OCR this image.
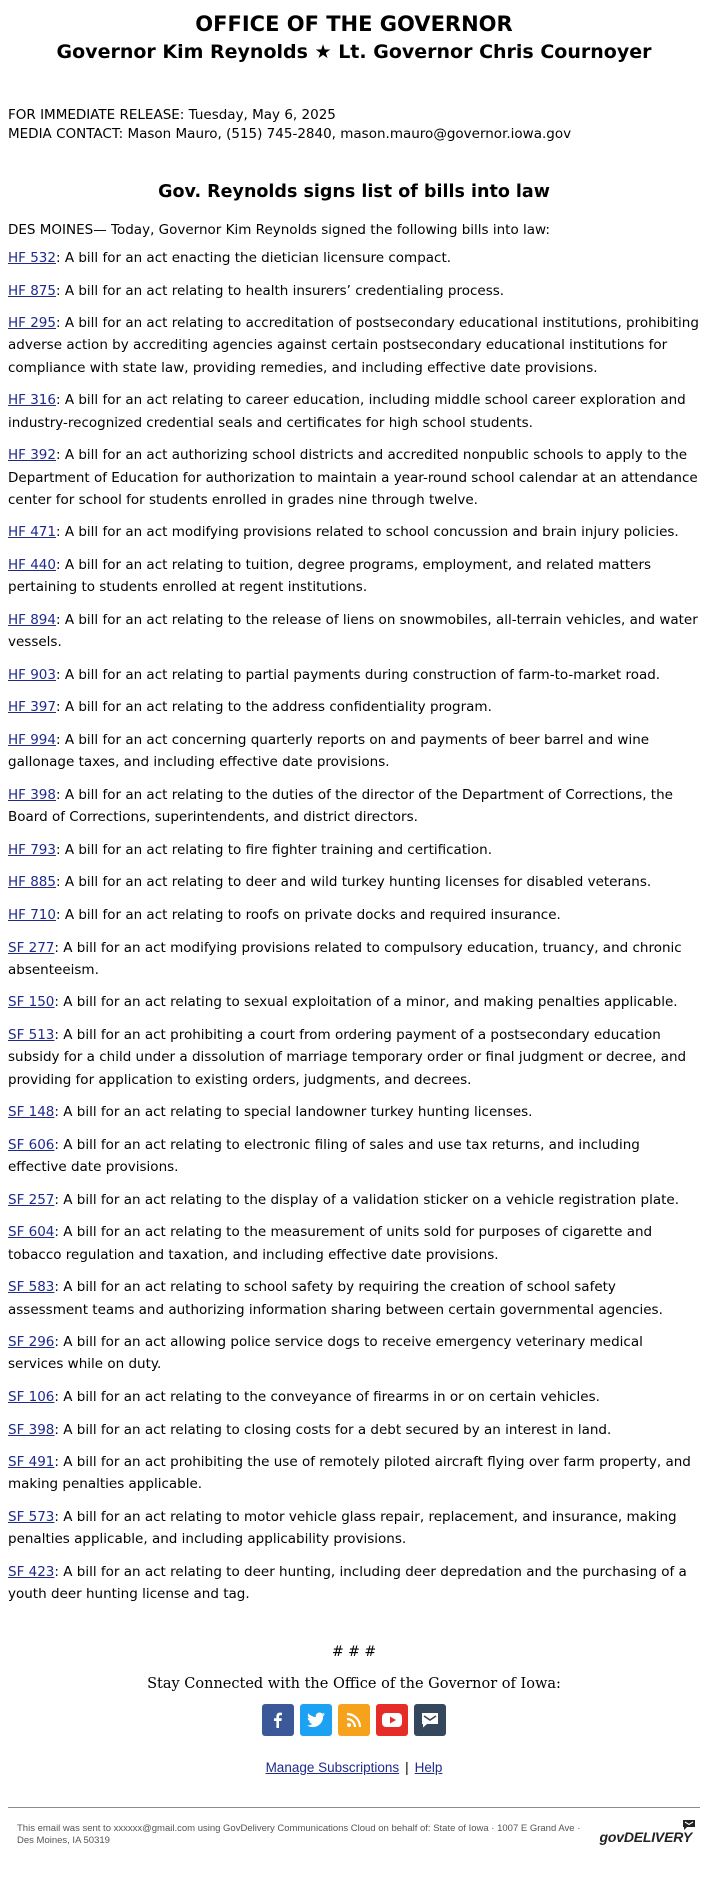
OFFICE OF THE GOVERNOR
Governor Kim Reynolds ★ Lt. Governor Chris Cournoyer
FOR IMMEDIATE RELEASE: Tuesday, May 6, 2025
MEDIA CONTACT: Mason Mauro, (515) 745-2840, mason.mauro@governor.iowa.gov
Gov. Reynolds signs list of bills into law
DES MOINES— Today, Governor Kim Reynolds signed the following bills into law:

HF 532: A bill for an act enacting the dietician licensure compact.

HF 875: A bill for an act relating to health insurers’ credentialing process.

HF 295: A bill for an act relating to accreditation of postsecondary educational institutions, prohibiting adverse action by accrediting agencies against certain postsecondary educational institutions for compliance with state law, providing remedies, and including effective date provisions.

HF 316: A bill for an act relating to career education, including middle school career exploration and industry-recognized credential seals and certificates for high school students.

HF 392: A bill for an act authorizing school districts and accredited nonpublic schools to apply to the Department of Education for authorization to maintain a year-round school calendar at an attendance center for school for students enrolled in grades nine through twelve.

HF 471: A bill for an act modifying provisions related to school concussion and brain injury policies.

HF 440: A bill for an act relating to tuition, degree programs, employment, and related matters pertaining to students enrolled at regent institutions.

HF 894: A bill for an act relating to the release of liens on snowmobiles, all-terrain vehicles, and water vessels.

HF 903: A bill for an act relating to partial payments during construction of farm-to-market road.

HF 397: A bill for an act relating to the address confidentiality program.

HF 994: A bill for an act concerning quarterly reports on and payments of beer barrel and wine gallonage taxes, and including effective date provisions.

HF 398: A bill for an act relating to the duties of the director of the Department of Corrections, the Board of Corrections, superintendents, and district directors.

HF 793: A bill for an act relating to fire fighter training and certification.

HF 885: A bill for an act relating to deer and wild turkey hunting licenses for disabled veterans.

HF 710: A bill for an act relating to roofs on private docks and required insurance.

SF 277: A bill for an act modifying provisions related to compulsory education, truancy, and chronic absenteeism.

SF 150: A bill for an act relating to sexual exploitation of a minor, and making penalties applicable.

SF 513: A bill for an act prohibiting a court from ordering payment of a postsecondary education subsidy for a child under a dissolution of marriage temporary order or final judgment or decree, and providing for application to existing orders, judgments, and decrees.

SF 148: A bill for an act relating to special landowner turkey hunting licenses.

SF 606: A bill for an act relating to electronic filing of sales and use tax returns, and including effective date provisions.

SF 257: A bill for an act relating to the display of a validation sticker on a vehicle registration plate.

SF 604: A bill for an act relating to the measurement of units sold for purposes of cigarette and tobacco regulation and taxation, and including effective date provisions.

SF 583: A bill for an act relating to school safety by requiring the creation of school safety assessment teams and authorizing information sharing between certain governmental agencies.

SF 296: A bill for an act allowing police service dogs to receive emergency veterinary medical services while on duty.

SF 106: A bill for an act relating to the conveyance of firearms in or on certain vehicles.

SF 398: A bill for an act relating to closing costs for a debt secured by an interest in land.

SF 491: A bill for an act prohibiting the use of remotely piloted aircraft flying over farm property, and making penalties applicable.

SF 573: A bill for an act relating to motor vehicle glass repair, replacement, and insurance, making penalties applicable, and including applicability provisions.

SF 423: A bill for an act relating to deer hunting, including deer depredation and the purchasing of a youth deer hunting license and tag.

# # #
Stay Connected with the Office of the Governor of Iowa:
Manage Subscriptions | Help
This email was sent to xxxxxx@gmail.com using GovDelivery Communications Cloud on behalf of: State of Iowa · 1007 E Grand Ave · Des Moines, IA 50319	govDELIVERY
